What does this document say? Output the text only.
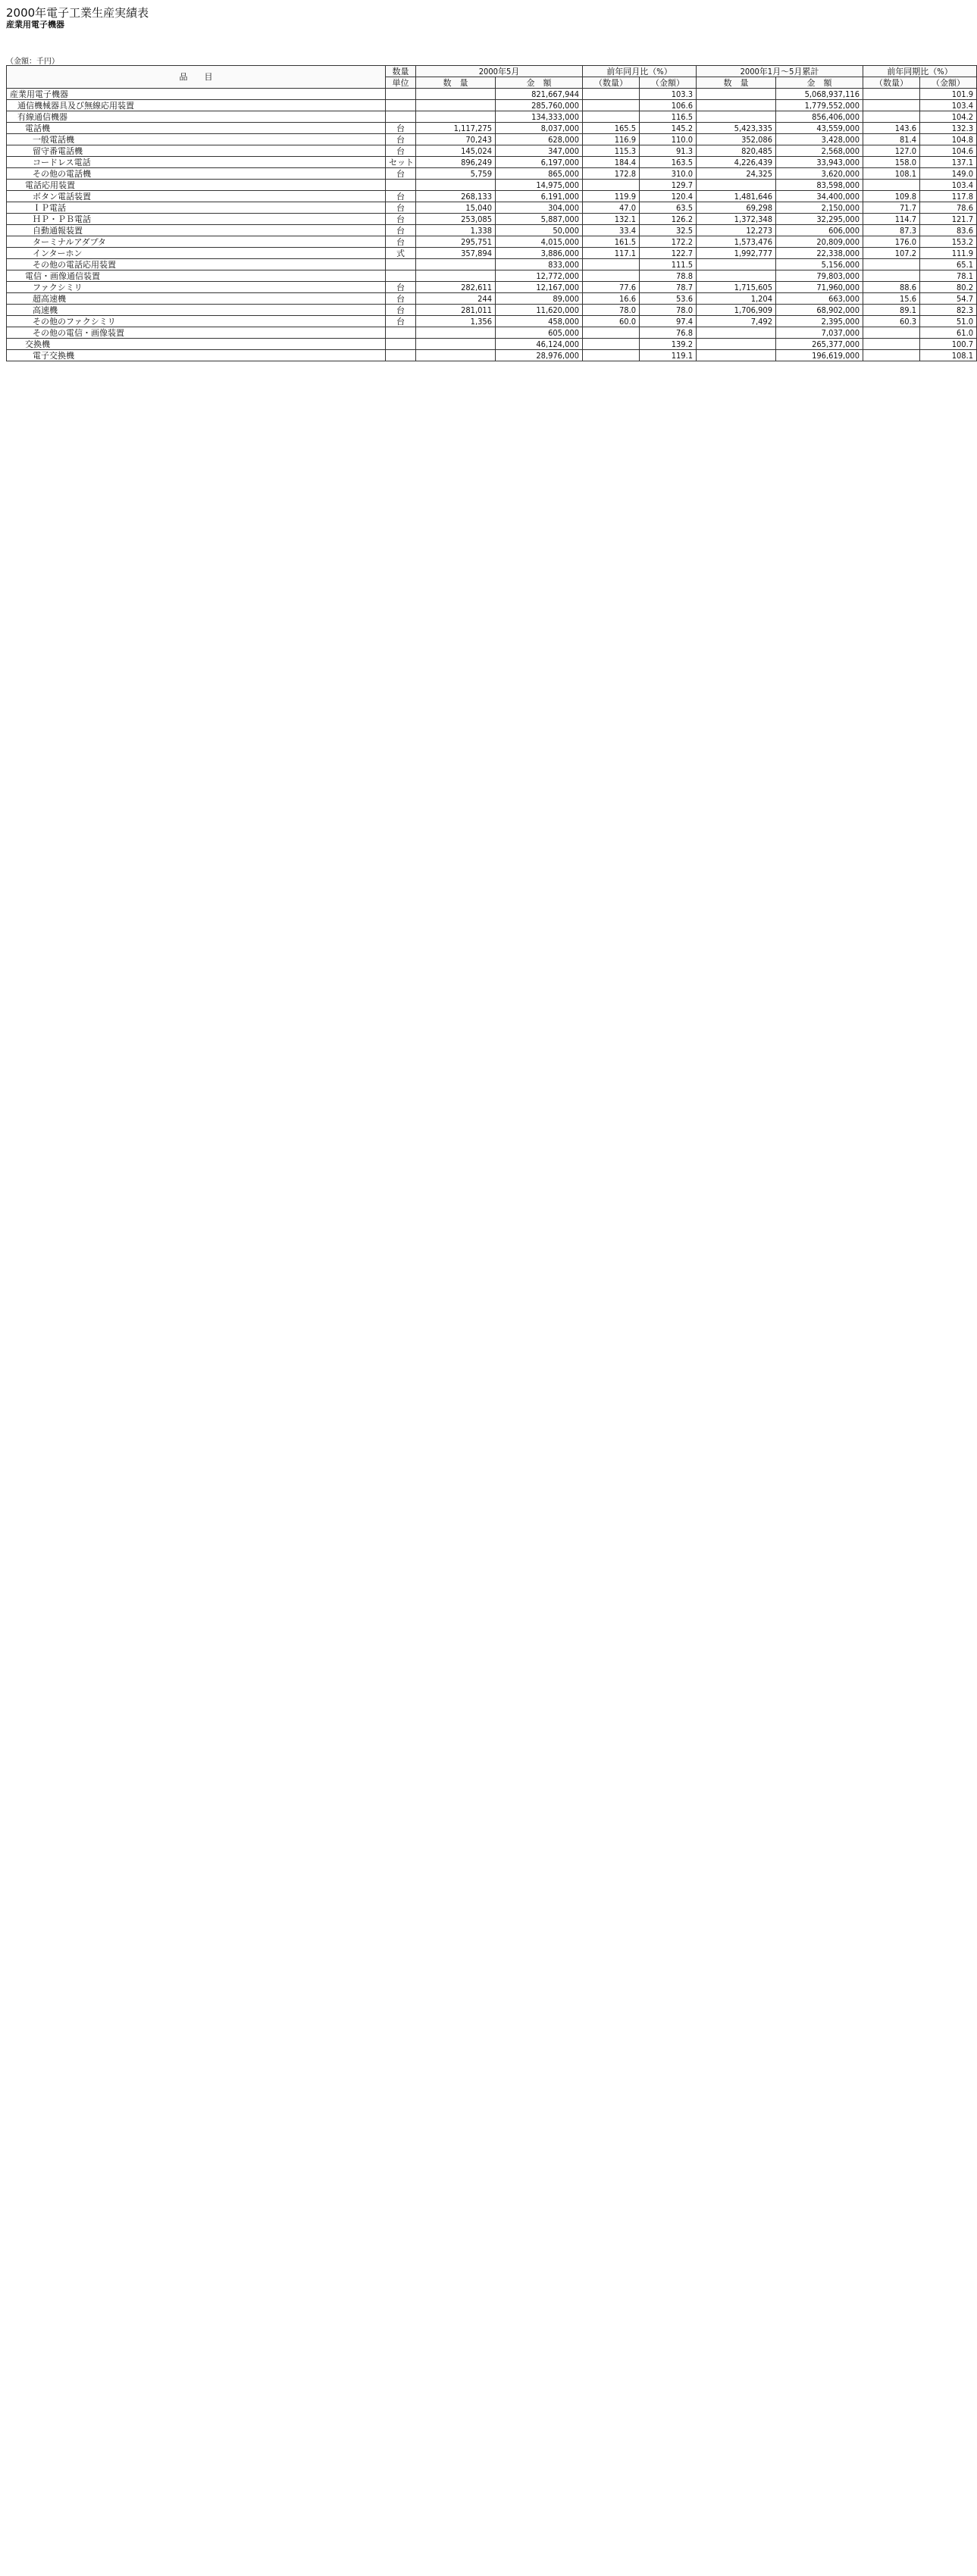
2000年電子工業生産実績表
産業用電子機器
（金額：千円）
品　　目	数量	2000年5月		前年同月比（%）		2000年1月～5月累計		前年同期比（%）	
	単位	数　量	金　額	（数量）	（金額）	数　量	金　額	（数量）	（金額）
産業用電子機器			821,667,944		103.3		5,068,937,116		101.9
通信機械器具及び無線応用装置			285,760,000		106.6		1,779,552,000		103.4
有線通信機器			134,333,000		116.5		856,406,000		104.2
電話機	台	1,117,275	8,037,000	165.5	145.2	5,423,335	43,559,000	143.6	132.3
一般電話機	台	70,243	628,000	116.9	110.0	352,086	3,428,000	81.4	104.8
留守番電話機	台	145,024	347,000	115.3	91.3	820,485	2,568,000	127.0	104.6
コードレス電話	セット	896,249	6,197,000	184.4	163.5	4,226,439	33,943,000	158.0	137.1
その他の電話機	台	5,759	865,000	172.8	310.0	24,325	3,620,000	108.1	149.0
電話応用装置			14,975,000		129.7		83,598,000		103.4
ボタン電話装置	台	268,133	6,191,000	119.9	120.4	1,481,646	34,400,000	109.8	117.8
ＩＰ電話	台	15,040	304,000	47.0	63.5	69,298	2,150,000	71.7	78.6
ＨＰ・ＰＢ電話	台	253,085	5,887,000	132.1	126.2	1,372,348	32,295,000	114.7	121.7
自動通報装置	台	1,338	50,000	33.4	32.5	12,273	606,000	87.3	83.6
ターミナルアダプタ	台	295,751	4,015,000	161.5	172.2	1,573,476	20,809,000	176.0	153.2
インターホン	式	357,894	3,886,000	117.1	122.7	1,992,777	22,338,000	107.2	111.9
その他の電話応用装置			833,000		111.5		5,156,000		65.1
電信・画像通信装置			12,772,000		78.8		79,803,000		78.1
ファクシミリ	台	282,611	12,167,000	77.6	78.7	1,715,605	71,960,000	88.6	80.2
超高速機	台	244	89,000	16.6	53.6	1,204	663,000	15.6	54.7
高速機	台	281,011	11,620,000	78.0	78.0	1,706,909	68,902,000	89.1	82.3
その他のファクシミリ	台	1,356	458,000	60.0	97.4	7,492	2,395,000	60.3	51.0
その他の電信・画像装置			605,000		76.8		7,037,000		61.0
交換機			46,124,000		139.2		265,377,000		100.7
電子交換機			28,976,000		119.1		196,619,000		108.1
